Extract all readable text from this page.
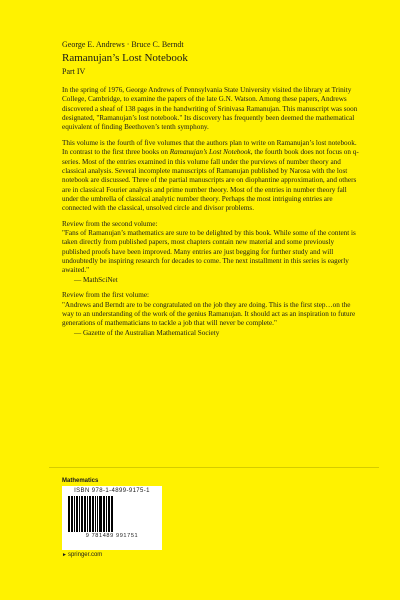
George E. Andrews · Bruce C. Berndt
Ramanujan’s Lost Notebook
Part IV

In the spring of 1976, George Andrews of Pennsylvania State University visited the library at Trinity College, Cambridge, to examine the papers of the late G.N. Watson. Among these papers, Andrews discovered a sheaf of 138 pages in the handwriting of Srinivasa Ramanujan. This manuscript was soon designated, "Ramanujan’s lost notebook." Its discovery has frequently been deemed the mathematical equivalent of finding Beethoven’s tenth symphony.

This volume is the fourth of five volumes that the authors plan to write on Ramanujan’s lost notebook. In contrast to the first three books on Ramanujan’s Lost Notebook, the fourth book does not focus on q-series. Most of the entries examined in this volume fall under the purviews of number theory and classical analysis. Several incomplete manuscripts of Ramanujan published by Narosa with the lost notebook are discussed. Three of the partial manuscripts are on diophantine approximation, and others are in classical Fourier analysis and prime number theory. Most of the entries in number theory fall under the umbrella of classical analytic number theory. Perhaps the most intriguing entries are connected with the classical, unsolved circle and divisor problems.

Review from the second volume:

"Fans of Ramanujan’s mathematics are sure to be delighted by this book. While some of the content is taken directly from published papers, most chapters contain new material and some previously published proofs have been improved. Many entries are just begging for further study and will undoubtedly be inspiring research for decades to come. The next installment in this series is eagerly awaited."

— MathSciNet

Review from the first volume:

"Andrews and Berndt are to be congratulated on the job they are doing. This is the first step…on the way to an understanding of the work of the genius Ramanujan. It should act as an inspiration to future generations of mathematicians to tackle a job that will never be complete."

— Gazette of the Australian Mathematical Society

Mathematics
ISBN 978-1-4899-9175-1
9 781489 991751
►springer.com
